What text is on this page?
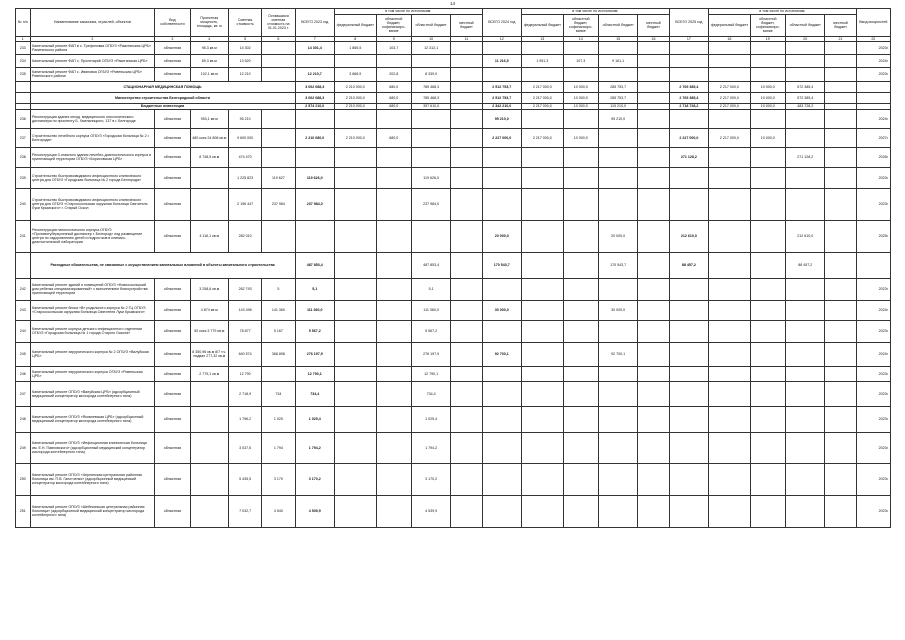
14
№ п/п	Наименование заказчика, отраслей, объектов	Вид собственности	Проектная мощность, площадь, кв. м	Сметная стоимость	Оставшаяся сметная стоимость на 01.01.2023 г.	ВСЕГО 2023 год	в том числе по источникам:				ВСЕГО 2024 год	в том числе по источникам:				ВСЕГО 2025 год	в том числе по источникам:				Ввод мощностей
							федеральный бюджет	областной бюджет, софинансиро-вание	областной бюджет	местный бюджет		федеральный бюджет	областной бюджет, софинансиро-вание	областной бюджет	местный бюджет		федеральный бюджет	областной бюджет, софинансиро-вание	областной бюджет	местный бюджет	
1	2	3	4	5	6	7	8	9	10	11	12	13	14	15	16	17	18	19	20	21	22
233	Капитальный ремонт ФАП в с. Трефиловка ОГБУЗ «Ракитянская ЦРБ» Ракитянского района	областная	96,3 кв.м	14 302		14 301,4	1 865,5	103,7	12 312,1												2023г.
234	Капитальный ремонт ФАП с. Пролетарий ОГБУЗ «Ракитянская ЦРБ»	областная	89,3 кв.м	13 520							11 216,5	1 951,3	107,3	9 161,1							2024г.
235	Капитальный ремонт ФАП с. Ивановка ОГБУЗ «Ровеньская ЦРБ» Ровеньского района	областная	102,1 кв.м	12 210		12 210,7	3 666,9	202,8	8 339,0												2023г.
	СТАЦИОНАРНАЯ МЕДИЦИНСКАЯ ПОМОЩЬ					3 062 088,3	2 210 000,0	680,0	785 468,3		2 512 753,7	2 217 000,0	10 000,0	285 753,7		2 769 385,4	2 217 000,0	10 000,0	572 385,4		
	Министерство строительства Белгородской области					3 062 088,3	2 210 000,0	680,0	785 468,3		2 512 753,7	2 217 000,0	10 000,0	285 753,7		2 769 385,4	2 217 000,0	10 000,0	572 385,4		
	Бюджетные инвестиции					2 574 210,0	2 210 000,0	680,0	357 610,0		2 342 210,0	2 217 000,0	10 000,0	115 210,0		2 718 728,2	2 217 000,0	10 000,0	483 728,2		
236	Реконструкция здания онкод. медицинского онкологического диспансера по проспекту Б. Хмельницкого, 137 в г. Белгороде	областная	953,1 кв.м	95 210							95 210,0			95 210,0							2024г.
237	Строительство лечебного корпуса ОГБУЗ «Городская больница № 2 г. Белгорода»	областная	480 коек 24 808 кв.м	9 600 000		2 210 680,0	2 210 000,0	680,0			2 227 000,0	2 217 000,0	10 000,0			2 227 000,0	2 217 000,0	10 000,0			2027г.
238	Реконструкция 3-этажного здания лечебно-диагностического корпуса и прилегающей территории ОГБУЗ «Борисовская ЦРБ»	областная	8 748,5 кв.м	474 470												271 128,2			271 128,2		2026г.
239	Строительство быстровозводимого инфекционного клинического центра для ОГБУЗ «Городская больница № 2 города Белгорода»	областная		1 225 823	119 627	119 626,0			119 626,0												2023г.
240	Строительство быстровозводимого инфекционного клинического центра для ОГБУЗ «Старооскольская окружная больница Святителя Луки Крымского» г. Старый Оскол	областная		2 196 447	237 984	237 984,0			237 984,0												2023г.
241	Реконструкция патологического корпуса ОГБУЗ «Противотуберкулезный диспансер г. Белгород» под размещение центра по оздоровлению детей и подростков в клинико-диагностической лаборатории	областная	4 116,1 кв.м	282 010							20 000,0			20 000,0		212 610,0			212 610,0		2025г.
	Расходные обязательства, не связанные с осуществлением капитальных вложений в объекты капитального строительства					487 853,4			487 853,4		170 543,7			170 543,7		88 457,2			88 457,2		
242	Капитальный ремонт зданий и помещений ОГБУЗ «Новооскольский дом ребенка специализированный» с выполнением благоустройства прилегающей территории	областная	3 258,6 кв.м	262 793	5	5,1			5,1												2023г.
243	Капитальный ремонт блока «В» родильного корпуса № 2 ГЦ ОГБУЗ «Старооскольская окружная больница Святителя Луки Крымского»	областная	4 874 кв.м	143 498	141 360	111 360,0			111 360,0		30 000,0			30 000,0							2024г.
244	Капитальный ремонт корпуса детского инфекционного отделения ОГБУЗ «Городская больница № 1 города Старого Оскола»	областная	50 коек 3 779 кв.м	78 877	5 167	5 567,2			5 567,2												2023г.
245	Капитальный ремонт хирургического корпуса № 2 ОГБУЗ «Валуйская ЦРБ»	областная	8 350,96 кв.м 8/7 т.ч. подвал 277,32 кв.м	640 574	368 898	276 197,9			276 197,9		92 700,1			92 700,1							2024г.
246	Капитальный ремонт хирургического корпуса ОГБУЗ «Ровеньская ЦРБ»	областная	2 779,1 кв.м	12 790		12 790,1			12 790,1												2023г.
247	Капитальный ремонт ОГБУЗ «Валуйская ЦРБ» (адсорбционный медицинский концентратор кислорода контейнерного типа)	областная		2 718,9	734	734,4			734,4												2023г.
248	Капитальный ремонт ОГБУЗ «Яковлевская ЦРБ» (адсорбционный медицинский концентратор кислорода контейнерного типа)	областная		1 796,2	1 025	1 025,4			1 025,4												2023г.
249	Капитальный ремонт ОГБУЗ «Инфекционная клиническая больница им. Е.Н. Павловского» (адсорбционный медицинский концентратор кислорода контейнерного типа)	областная		3 037,5	1 794	1 794,2			1 794,2												2023г.
250	Капитальный ремонт ОГБУЗ «Чернянская центральная районная больница им. П.В. Гапотченко» (адсорбционный медицинский концентратор кислорода контейнерного типа)	областная		5 435,5	3 170	3 170,2			3 170,2												2023г.
251	Капитальный ремонт ОГБУЗ «Шебекинская центральная районная больница» (адсорбционный медицинский концентратор кислорода контейнерного типа)	областная		7 032,7	4 540	4 539,9			4 539,9												2023г.
